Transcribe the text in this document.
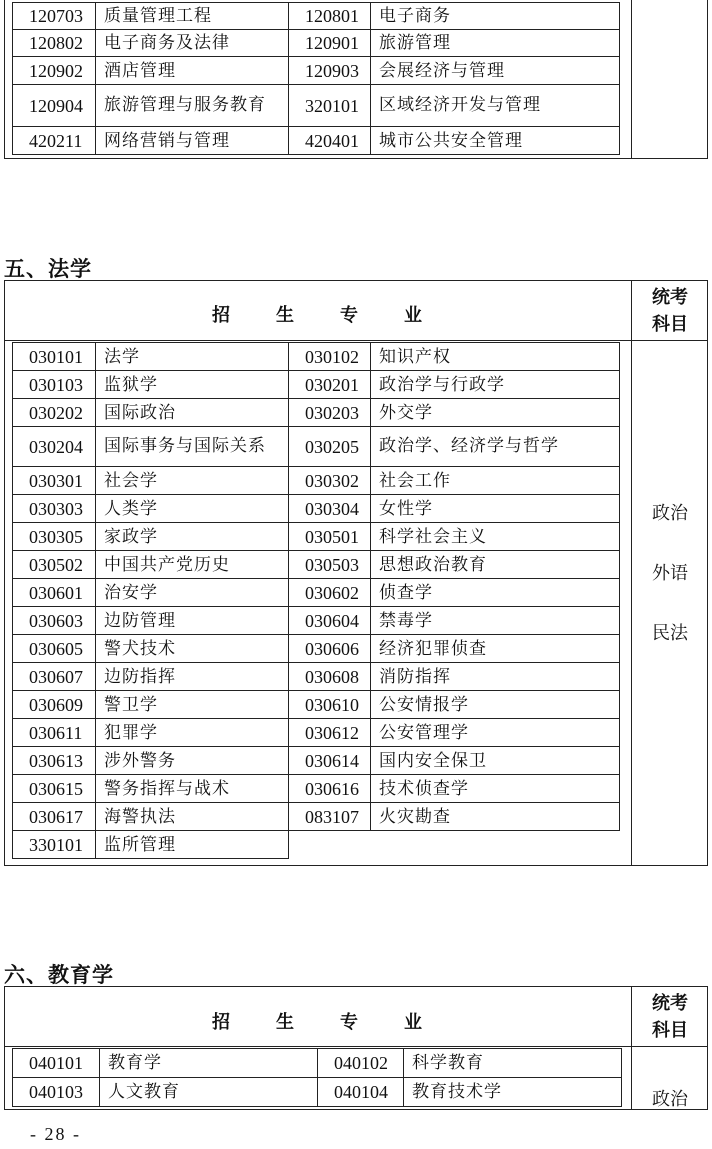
120703	质量管理工程	120801	电子商务
120802	电子商务及法律	120901	旅游管理
120902	酒店管理	120903	会展经济与管理
120904	旅游管理与服务教育	320101	区域经济开发与管理
420211	网络营销与管理	420401	城市公共安全管理
五、法学
招生专业
统考
科目
政治
外语
民法
030101	法学	030102	知识产权
030103	监狱学	030201	政治学与行政学
030202	国际政治	030203	外交学
030204	国际事务与国际关系	030205	政治学、经济学与哲学
030301	社会学	030302	社会工作
030303	人类学	030304	女性学
030305	家政学	030501	科学社会主义
030502	中国共产党历史	030503	思想政治教育
030601	治安学	030602	侦查学
030603	边防管理	030604	禁毒学
030605	警犬技术	030606	经济犯罪侦查
030607	边防指挥	030608	消防指挥
030609	警卫学	030610	公安情报学
030611	犯罪学	030612	公安管理学
030613	涉外警务	030614	国内安全保卫
030615	警务指挥与战术	030616	技术侦查学
030617	海警执法	083107	火灾勘查
330101	监所管理		
六、教育学
招生专业
统考
科目
政治
040101	教育学	040102	科学教育
040103	人文教育	040104	教育技术学
- 28 -
